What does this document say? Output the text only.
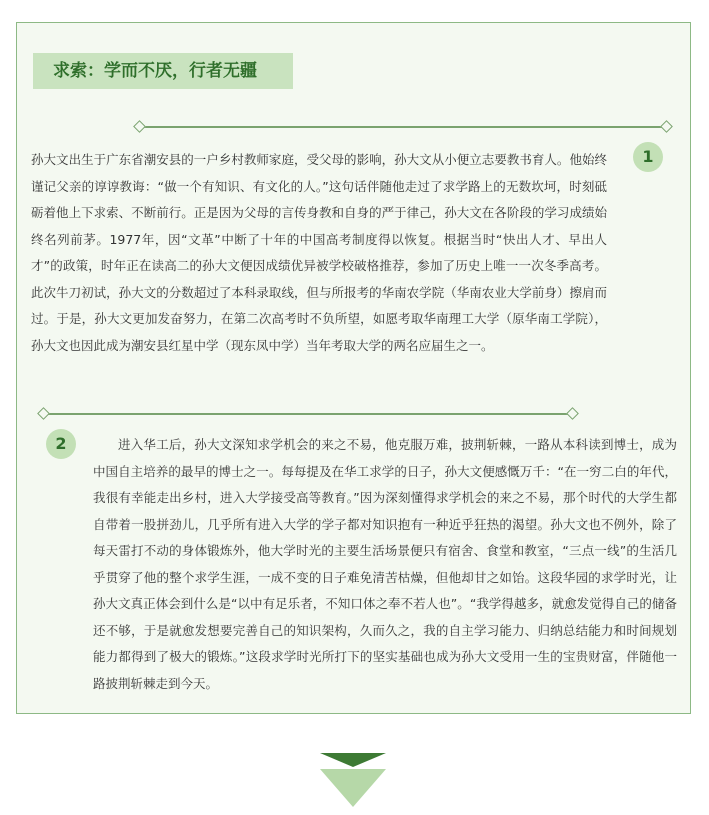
求索：学而不厌，行者无疆
1

孙大文出生于广东省潮安县的一户乡村教师家庭，受父母的影响，孙大文从小便立志要教书育人。他始终谨记父亲的谆谆教诲：“做一个有知识、有文化的人。”这句话伴随他走过了求学路上的无数坎坷，时刻砥砺着他上下求索、不断前行。正是因为父母的言传身教和自身的严于律己，孙大文在各阶段的学习成绩始终名列前茅。1977年，因“文革”中断了十年的中国高考制度得以恢复。根据当时“快出人才、早出人才”的政策，时年正在读高二的孙大文便因成绩优异被学校破格推荐，参加了历史上唯一一次冬季高考。此次牛刀初试，孙大文的分数超过了本科录取线，但与所报考的华南农学院（华南农业大学前身）擦肩而过。于是，孙大文更加发奋努力，在第二次高考时不负所望，如愿考取华南理工大学（原华南工学院），孙大文也因此成为潮安县红星中学（现东凤中学）当年考取大学的两名应届生之一。

2	进入华工后，孙大文深知求学机会的来之不易，他克服万难，披荆斩棘，一路从本科读到博士，成为中国自主培养的最早的博士之一。每每提及在华工求学的日子，孙大文便感慨万千：“在一穷二白的年代，我很有幸能走出乡村，进入大学接受高等教育。”因为深刻懂得求学机会的来之不易，那个时代的大学生都自带着一股拼劲儿，几乎所有进入大学的学子都对知识抱有一种近乎狂热的渴望。孙大文也不例外，除了每天雷打不动的身体锻炼外，他大学时光的主要生活场景便只有宿舍、食堂和教室，“三点一线”的生活几乎贯穿了他的整个求学生涯，一成不变的日子难免清苦枯燥，但他却甘之如饴。这段华园的求学时光，让孙大文真正体会到什么是“以中有足乐者，不知口体之奉不若人也”。“我学得越多，就愈发觉得自己的储备还不够，于是就愈发想要完善自己的知识架构，久而久之，我的自主学习能力、归纳总结能力和时间规划能力都得到了极大的锻炼。”这段求学时光所打下的坚实基础也成为孙大文受用一生的宝贵财富，伴随他一路披荆斩棘走到今天。
